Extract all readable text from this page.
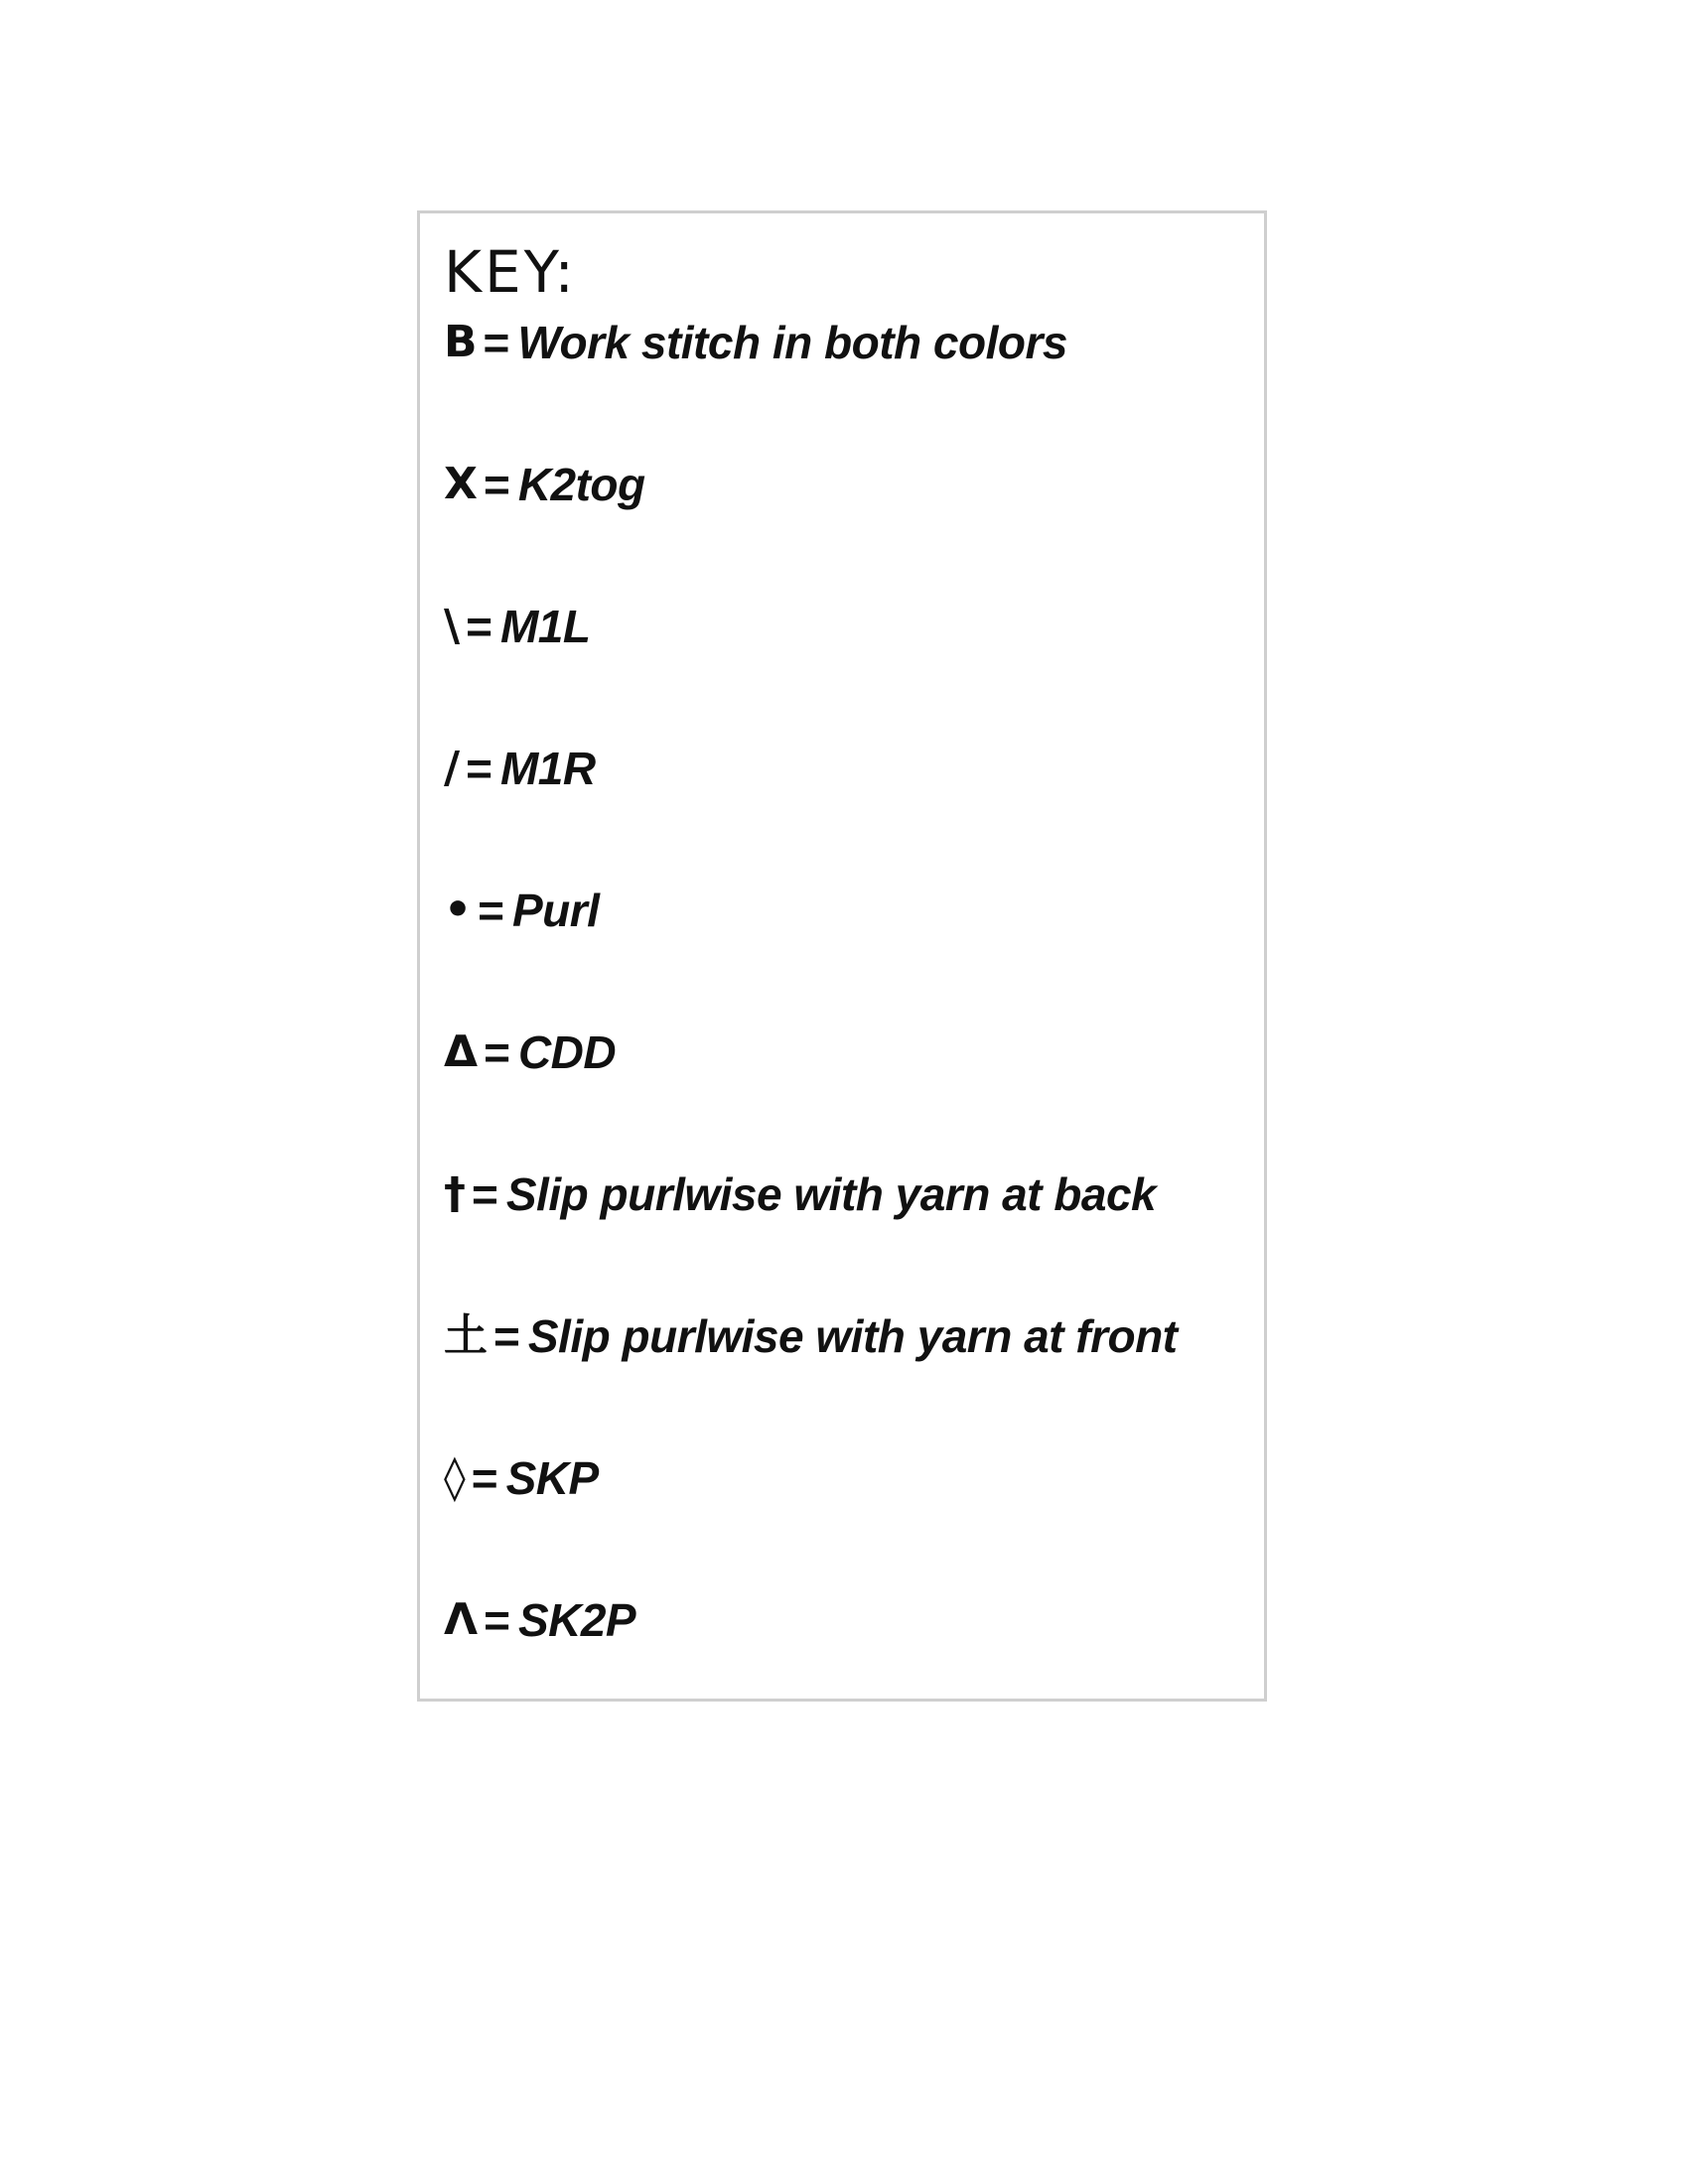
KEY:
B = Work stitch in both colors
X = K2tog
\ = M1L
/ = M1R
• = Purl
Δ = CDD
† = Slip purlwise with yarn at back
土 = Slip purlwise with yarn at front
◊ = SKP
Λ = SK2P
